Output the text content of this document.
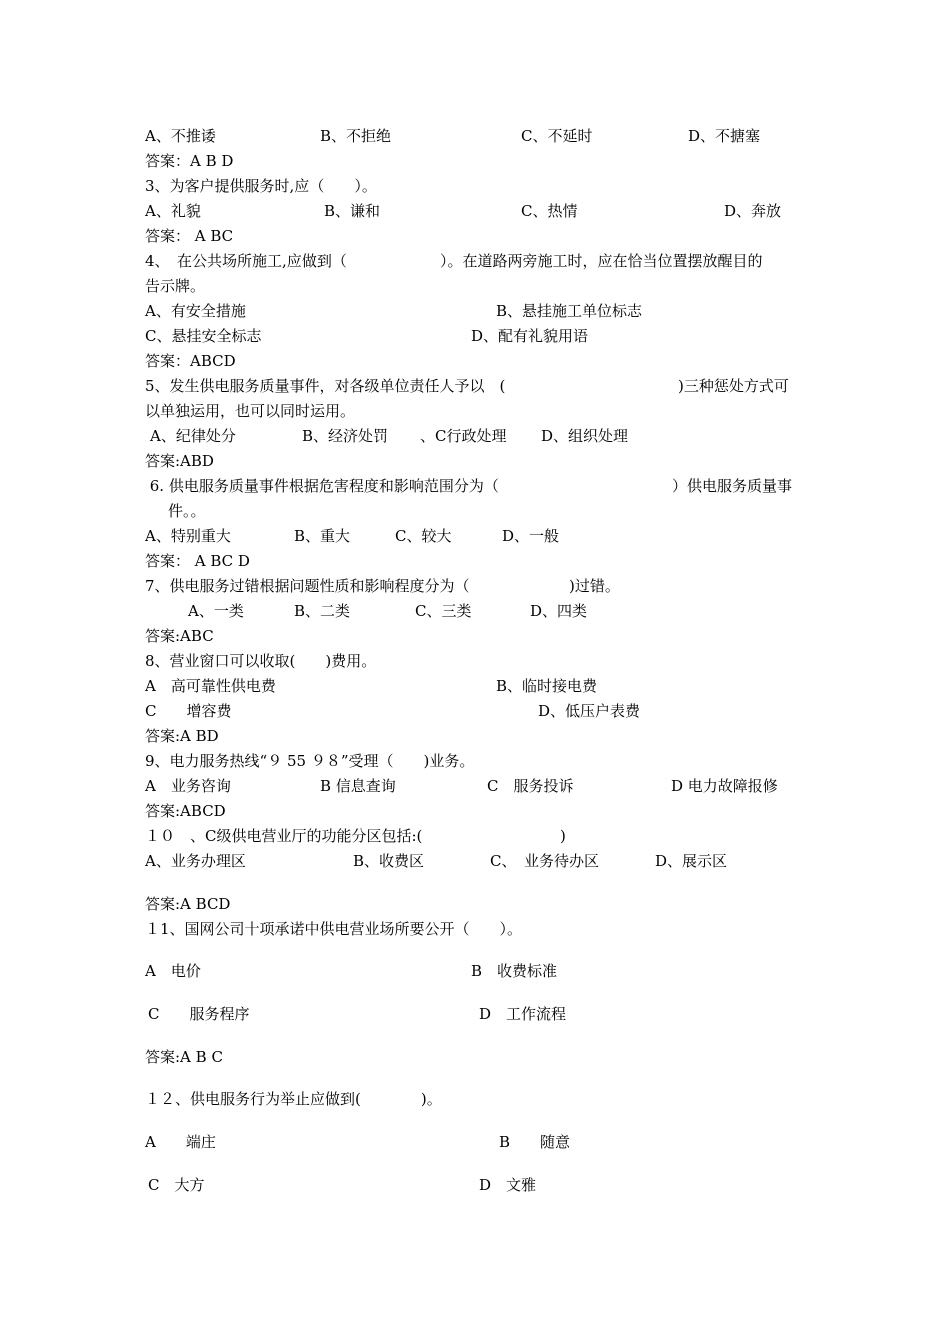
A、不推诿	B、不拒绝	C、不延时	D、不搪塞
答案：A B D
3、为客户提供服务时,应（　　）。
A、礼貌	B、谦和	C、热情	D、奔放
答案： A BC
4、　在公共场所施工,应做到（	）。在道路两旁施工时，应在恰当位置摆放醒目的
告示牌。
A、有安全措施	B、悬挂施工单位标志
C、悬挂安全标志	D、配有礼貌用语
答案：ABCD
5、发生供电服务质量事件，对各级单位责任人予以　(	)三种惩处方式可
以单独运用，也可以同时运用。
A、纪律处分	B、经济处罚 、C行政处理 D、组织处理
答案:ABD
6. 供电服务质量事件根据危害程度和影响范围分为（	）供电服务质量事
件。。
A、特别重大	B、重大	C、较大	D、一般
答案： A BC D
7、供电服务过错根据问题性质和影响程度分为（	)过错。
A、一类	B、二类	C、三类	D、四类
答案:ABC
8、营业窗口可以收取(　　)费用。
A　高可靠性供电费	B、临时接电费
C　　增容费	D、低压户表费
答案:A BD
9、电力服务热线“９ 55 ９８”受理（　　)业务。
A　业务咨询	B 信息查询	C　服务投诉	D 电力故障报修
答案:ABCD
１０　、C级供电营业厅的功能分区包括:(	)
A、业务办理区	B、收费区	C、　业务待办区	D、展示区
答案:A BCD
１1、国网公司十项承诺中供电营业场所要公开（　　）。
A　电价	B　收费标准
C　　服务程序	D　工作流程
答案:A B C
１２、供电服务行为举止应做到(　　　　)。
A　　端庄	B　　随意
C　大方	D　文雅
